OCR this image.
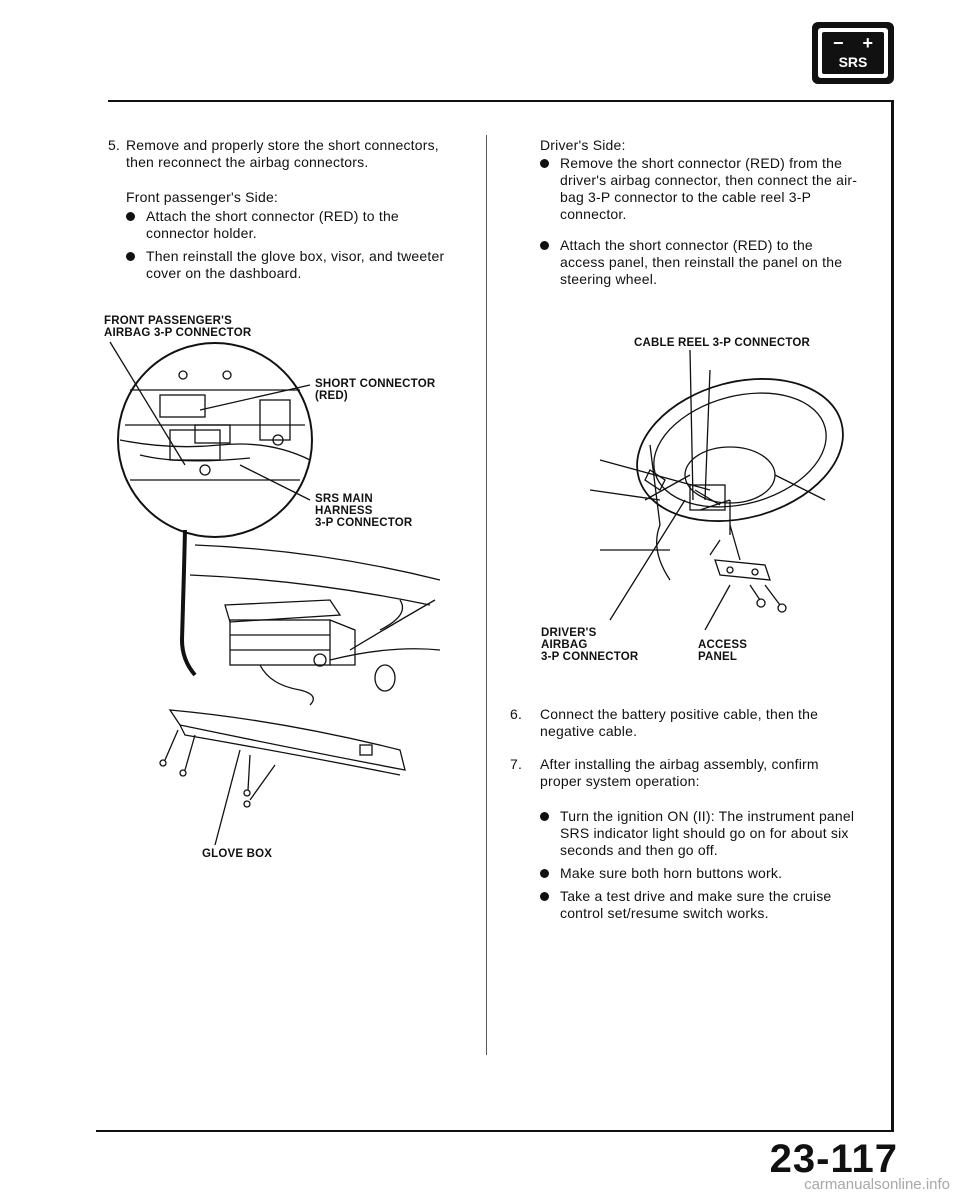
− +
SRS
5. Remove and properly store the short connectors, then reconnect the airbag connectors.
Front passenger's Side:
Attach the short connector (RED) to the connector holder.
Then reinstall the glove box, visor, and tweeter cover on the dashboard.
FRONT PASSENGER'S
AIRBAG 3-P CONNECTOR
SHORT CONNECTOR
(RED)
SRS MAIN
HARNESS
3-P CONNECTOR
GLOVE BOX
Driver's Side:
Remove the short connector (RED) from the driver's airbag connector, then connect the air-bag 3-P connector to the cable reel 3-P connector.
Attach the short connector (RED) to the access panel, then reinstall the panel on the steering wheel.
CABLE REEL 3-P CONNECTOR
DRIVER'S
AIRBAG
3-P CONNECTOR
ACCESS
PANEL
6. Connect the battery positive cable, then the negative cable.
7. After installing the airbag assembly, confirm proper system operation:
Turn the ignition ON (II): The instrument panel SRS indicator light should go on for about six seconds and then go off.
Make sure both horn buttons work.
Take a test drive and make sure the cruise control set/resume switch works.
23-117
carmanualsonline.info
